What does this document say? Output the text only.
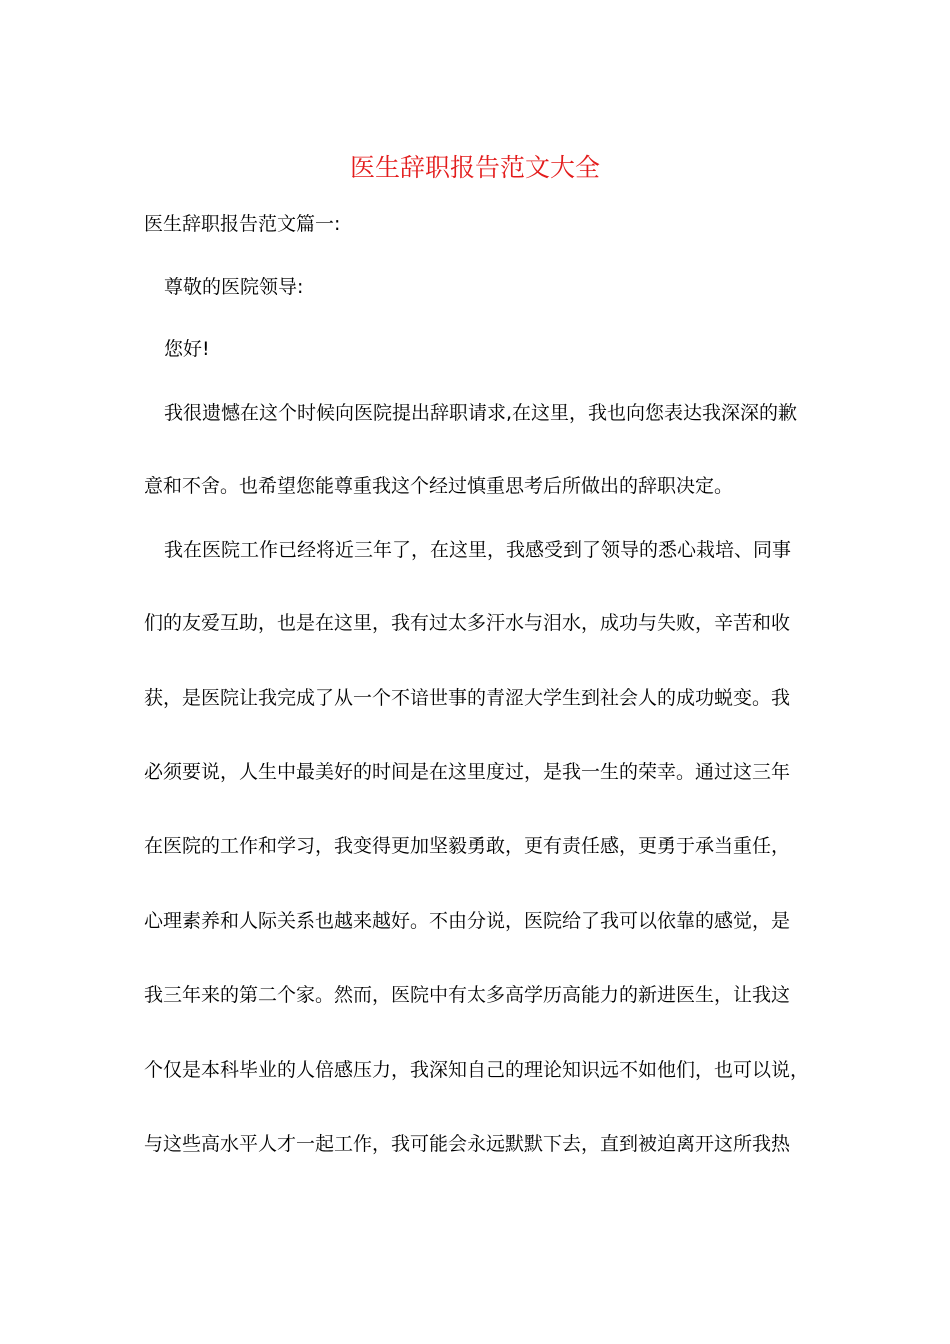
医生辞职报告范文大全
医生辞职报告范文篇一:
尊敬的医院领导:
您好!
我很遗憾在这个时候向医院提出辞职请求,在这里，我也向您表达我深深的歉
意和不舍。也希望您能尊重我这个经过慎重思考后所做出的辞职决定。
我在医院工作已经将近三年了，在这里，我感受到了领导的悉心栽培、同事
们的友爱互助，也是在这里，我有过太多汗水与泪水，成功与失败，辛苦和收
获，是医院让我完成了从一个不谙世事的青涩大学生到社会人的成功蜕变。我
必须要说，人生中最美好的时间是在这里度过，是我一生的荣幸。通过这三年
在医院的工作和学习，我变得更加坚毅勇敢，更有责任感，更勇于承当重任，
心理素养和人际关系也越来越好。不由分说，医院给了我可以依靠的感觉，是
我三年来的第二个家。然而，医院中有太多高学历高能力的新进医生，让我这
个仅是本科毕业的人倍感压力，我深知自己的理论知识远不如他们，也可以说，
与这些高水平人才一起工作，我可能会永远默默下去，直到被迫离开这所我热
